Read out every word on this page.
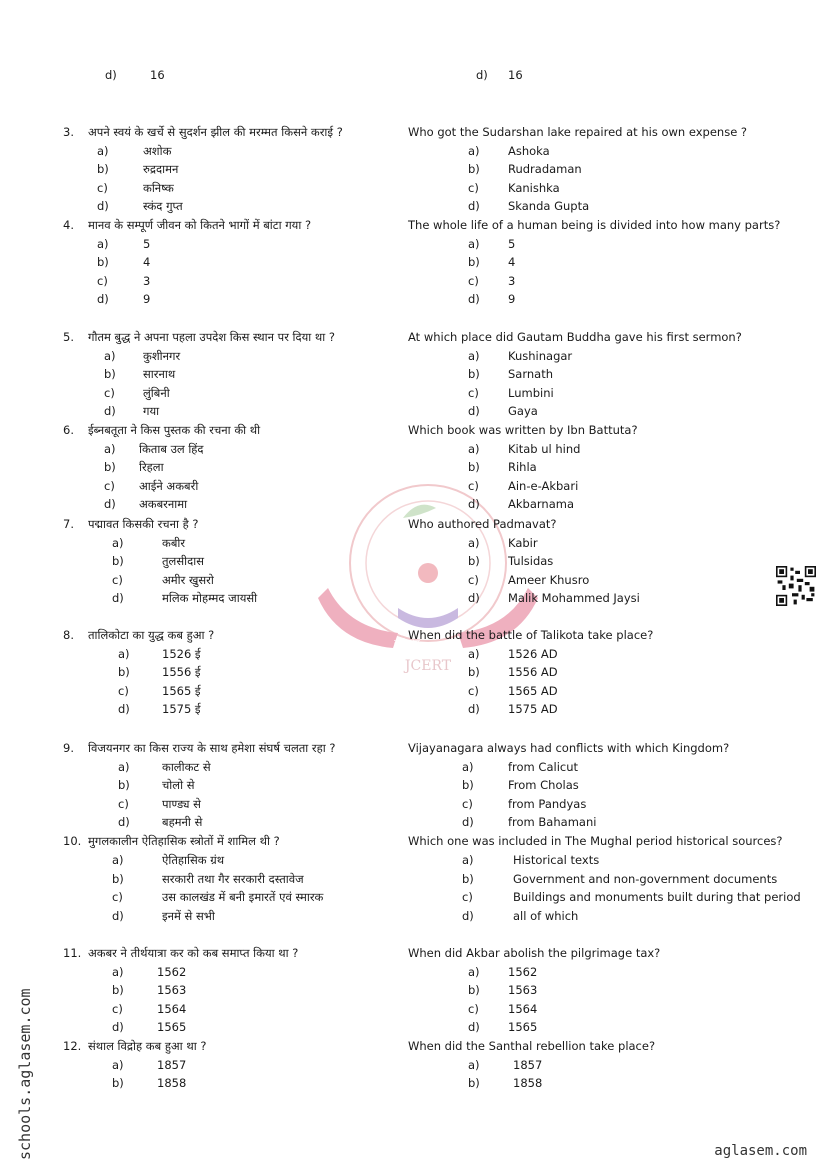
नवोन्मेष
JCERT
d)	16	d) 16
3. अपने स्वयं के खर्चे से सुदर्शन झील की मरम्मत किसने कराई ?	Who got the Sudarshan lake repaired at his own expense ?
a)	अशोक	a) Ashoka
b)	रुद्रदामन	b) Rudradaman
c)	कनिष्क	c)	Kanishka
d)	स्कंद गुप्त	d) Skanda Gupta
4. मानव के सम्पूर्ण जीवन को कितने भागों में बांटा गया ?	The whole life of a human being is divided into how many parts?
a)	5	a) 5
b)	4	b) 4
c)	3	c)	3
d)	9	d) 9
5. गौतम बुद्ध ने अपना पहला उपदेश किस स्थान पर दिया था ?	At which place did Gautam Buddha gave his first sermon?
a) कुशीनगर	a) Kushinagar
b) सारनाथ	b) Sarnath
c) लुंबिनी	c)	Lumbini
d) गया	d) Gaya
6. ईब्नबतूता ने किस पुस्तक की रचना की थी	Which book was written by Ibn Battuta?
a) किताब उल हिंद	a) Kitab ul hind
b) रिहला	b) Rihla
c) आईने अकबरी	c)	Ain-e-Akbari
d) अकबरनामा	d) Akbarnama
7. पद्मावत किसकी रचना है ?	Who authored Padmavat?
a)	कबीर	a) Kabir
b)	तुलसीदास	b) Tulsidas
c)	अमीर खुसरो	c)	Ameer Khusro
d)	मलिक मोहम्मद जायसी	d) Malik Mohammed Jaysi
8. तालिकोटा का युद्ध कब हुआ ?	When did the battle of Talikota take place?
a)	1526 ई	a) 1526 AD
b)	1556 ई	b) 1556 AD
c)	1565 ई	c)	1565 AD
d)	1575 ई	d) 1575 AD
9. विजयनगर का किस राज्य के साथ हमेशा संघर्ष चलता रहा ?	Vijayanagara always had conflicts with which Kingdom?
a)	कालीकट से	a)	from Calicut
b)	चोलो से	b)	From Cholas
c)	पाण्ड्य से	c)	from Pandyas
d)	बहमनी से	d)	from Bahamani
10. मुगलकालीन ऐतिहासिक स्त्रोतों में शामिल थी ?	Which one was included in The Mughal period historical sources?
a)	ऐतिहासिक ग्रंथ	a)	Historical texts
b)	सरकारी तथा गैर सरकारी दस्तावेज	b)	Government and non-government documents
c)	उस कालखंड में बनी इमारतें एवं स्मारक	c)	Buildings and monuments built during that period
d)	इनमें से सभी	d)	all of which
11. अकबर ने तीर्थयात्रा कर को कब समाप्त किया था ?	When did Akbar abolish the pilgrimage tax?
a)	1562	a) 1562
b)	1563	b) 1563
c)	1564	c)	1564
d)	1565	d) 1565
12. संथाल विद्रोह कब हुआ था ?	When did the Santhal rebellion take place?
a)	1857	a)	1857
b)	1858	b)	1858
schools.aglasem.com	aglasem.com
